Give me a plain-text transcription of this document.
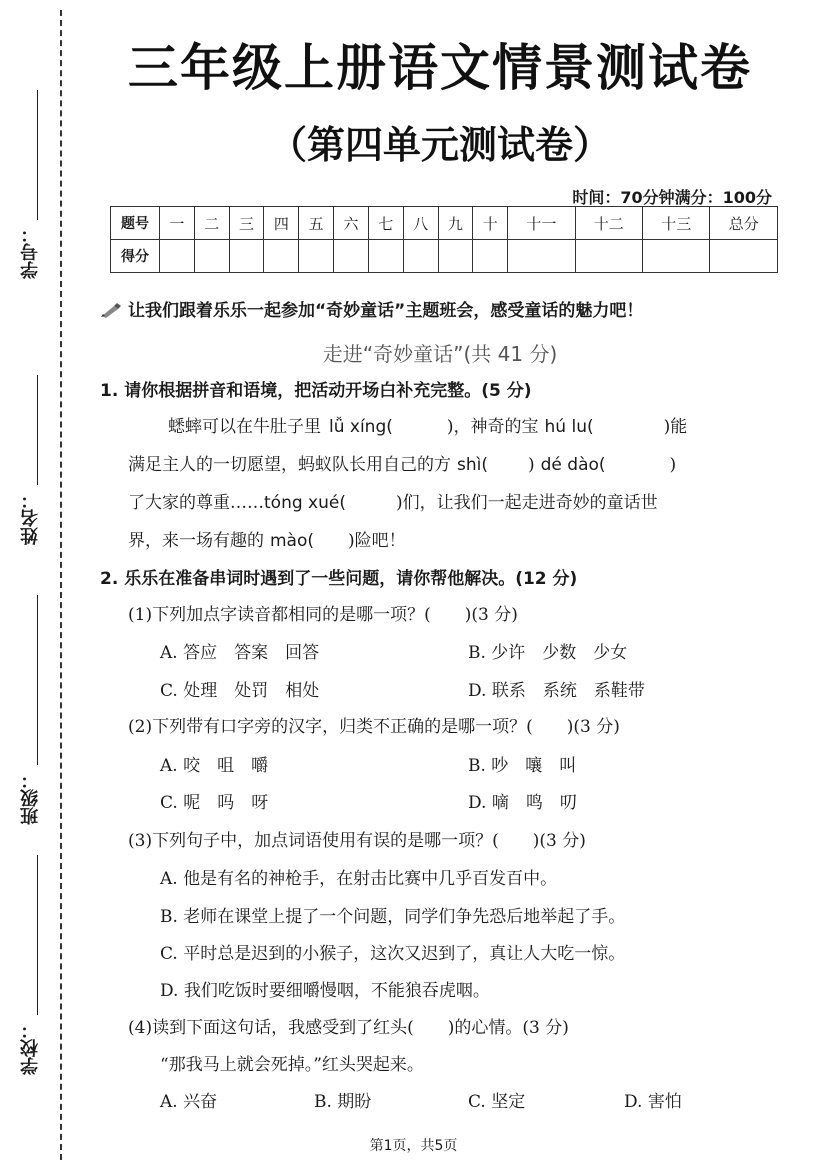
学号：
姓名：
班级：
学校：
三年级上册语文情景测试卷
（第四单元测试卷）
时间：70分钟满分：100分
题号	一	二	三	四	五	六	七	八	九	十	十一	十二	十三	总分
得分														
让我们跟着乐乐一起参加“奇妙童话”主题班会，感受童话的魅力吧！
走进“奇妙童话”(共 41 分)
1. 请你根据拼音和语境，把活动开场白补充完整。(5 分)
蟋蟀可以在牛肚子里 lǚ xíng(	)，神奇的宝 hú lu(	)能
满足主人的一切愿望，蚂蚁队长用自己的方 shì( ) dé dào(	)
了大家的尊重……tóng xué(	)们，让我们一起走进奇妙的童话世
界，来一场有趣的 mào( )险吧！
2. 乐乐在准备串词时遇到了一些问题，请你帮他解决。(12 分)
(1)下列加点字读音都相同的是哪一项？(　　)(3 分)
A. 答应　答案　回答	B. 少许　少数　少女
C. 处理　处罚　相处	D. 联系　系统　系鞋带
(2)下列带有口字旁的汉字，归类不正确的是哪一项？(　　)(3 分)
A. 咬　咀　嚼	B. 吵　嚷　叫
C. 呢　吗　呀	D. 嘀　鸣　叨
(3)下列句子中，加点词语使用有误的是哪一项？(　　)(3 分)
A. 他是有名的神枪手，在射击比赛中几乎百发百中。
B. 老师在课堂上提了一个问题，同学们争先恐后地举起了手。
C. 平时总是迟到的小猴子，这次又迟到了，真让人大吃一惊。
D. 我们吃饭时要细嚼慢咽，不能狼吞虎咽。
(4)读到下面这句话，我感受到了红头(　　)的心情。(3 分)
“那我马上就会死掉。”红头哭起来。
A. 兴奋	B. 期盼	C. 坚定	D. 害怕
第1页，共5页
